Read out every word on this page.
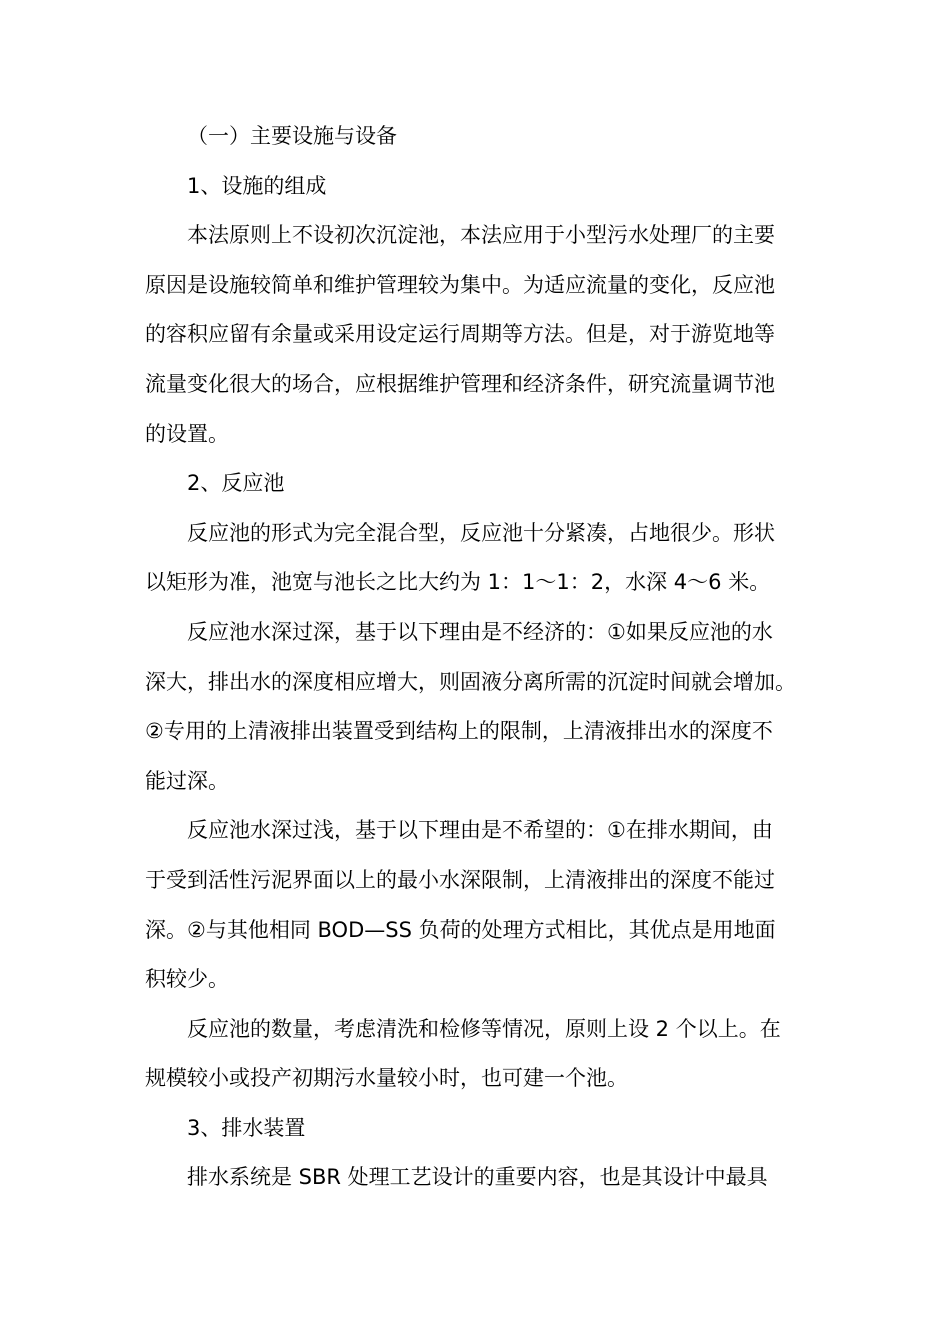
（一）主要设施与设备
1、设施的组成
本法原则上不设初次沉淀池，本法应用于小型污水处理厂的主要
原因是设施较简单和维护管理较为集中。为适应流量的变化，反应池
的容积应留有余量或采用设定运行周期等方法。但是，对于游览地等
流量变化很大的场合，应根据维护管理和经济条件，研究流量调节池
的设置。
2、反应池
反应池的形式为完全混合型，反应池十分紧凑，占地很少。形状
以矩形为准，池宽与池长之比大约为 1：1～1：2，水深 4～6 米。
反应池水深过深，基于以下理由是不经济的：①如果反应池的水
深大，排出水的深度相应增大，则固液分离所需的沉淀时间就会增加。
②专用的上清液排出装置受到结构上的限制，上清液排出水的深度不
能过深。
反应池水深过浅，基于以下理由是不希望的：①在排水期间，由
于受到活性污泥界面以上的最小水深限制，上清液排出的深度不能过
深。②与其他相同 BOD—SS 负荷的处理方式相比，其优点是用地面
积较少。
反应池的数量，考虑清洗和检修等情况，原则上设 2 个以上。在
规模较小或投产初期污水量较小时，也可建一个池。
3、排水装置
排水系统是 SBR 处理工艺设计的重要内容，也是其设计中最具
